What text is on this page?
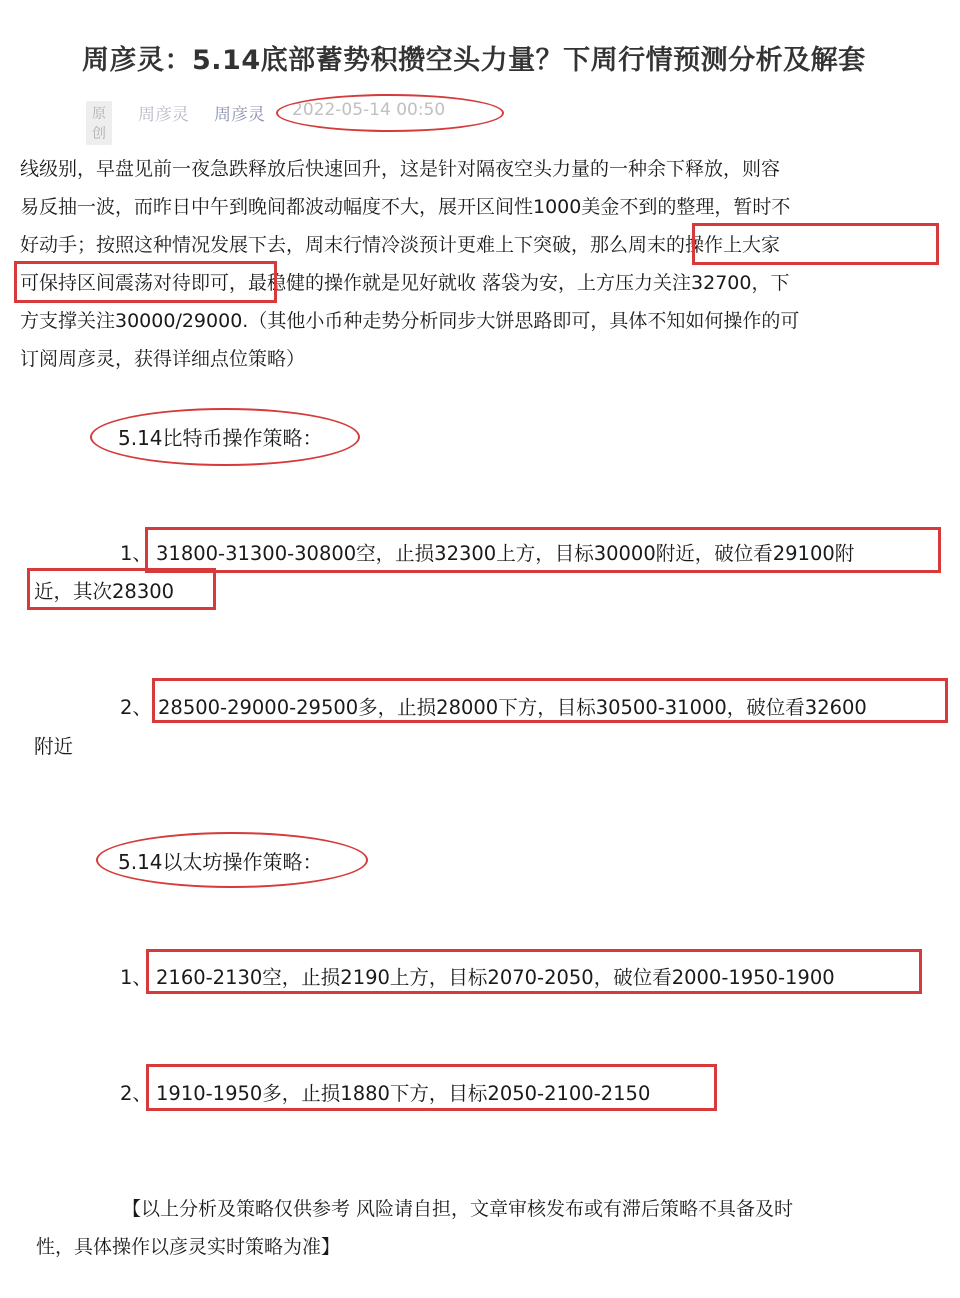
周彦灵：5.14底部蓄势积攒空头力量？下周行情预测分析及解套
原创
周彦灵 周彦灵 2022-05-14 00:50
线级别，早盘见前一夜急跌释放后快速回升，这是针对隔夜空头力量的一种余下释放，则容
易反抽一波，而昨日中午到晚间都波动幅度不大，展开区间性1000美金不到的整理，暂时不
好动手；按照这种情况发展下去，周末行情冷淡预计更难上下突破，那么周末的操作上大家
可保持区间震荡对待即可，最稳健的操作就是见好就收 落袋为安，上方压力关注32700，下
方支撑关注30000/29000.（其他小币种走势分析同步大饼思路即可，具体不知如何操作的可
订阅周彦灵，获得详细点位策略）
5.14比特币操作策略：
1、 31800-31300-30800空，止损32300上方，目标30000附近，破位看29100附
近，其次28300
2、 28500-29000-29500多，止损28000下方，目标30500-31000，破位看32600
附近
5.14以太坊操作策略：
1、 2160-2130空，止损2190上方，目标2070-2050，破位看2000-1950-1900
2、 1910-1950多，止损1880下方，目标2050-2100-2150
【以上分析及策略仅供参考 风险请自担，文章审核发布或有滞后策略不具备及时
性，具体操作以彦灵实时策略为准】
